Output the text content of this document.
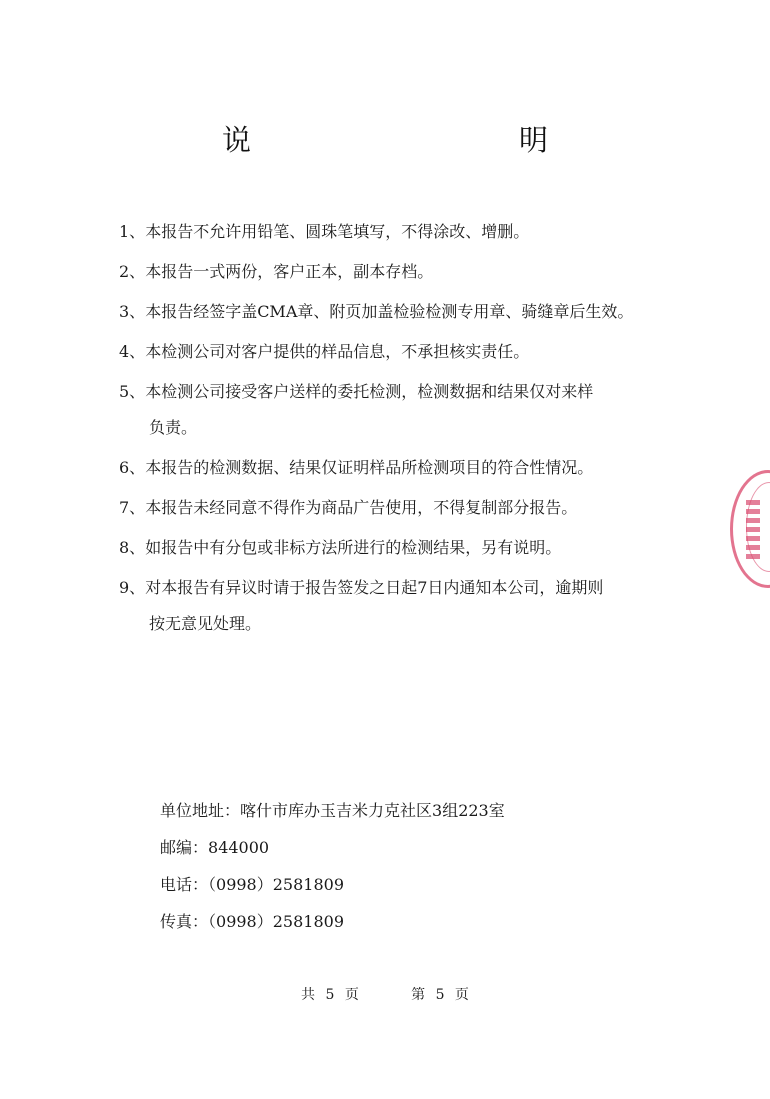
说　　明

1、本报告不允许用铅笔、圆珠笔填写，不得涂改、增删。

2、本报告一式两份，客户正本，副本存档。

3、本报告经签字盖CMA章、附页加盖检验检测专用章、骑缝章后生效。

4、本检测公司对客户提供的样品信息，不承担核实责任。

5、本检测公司接受客户送样的委托检测，检测数据和结果仅对来样
负责。

6、本报告的检测数据、结果仅证明样品所检测项目的符合性情况。

7、本报告未经同意不得作为商品广告使用，不得复制部分报告。

8、如报告中有分包或非标方法所进行的检测结果，另有说明。

9、对本报告有异议时请于报告签发之日起7日内通知本公司，逾期则
按无意见处理。

单位地址：喀什市库办玉吉米力克社区3组223室
邮编：844000
电话：（0998）2581809
传真：（0998）2581809
共 5 页	第 5 页
